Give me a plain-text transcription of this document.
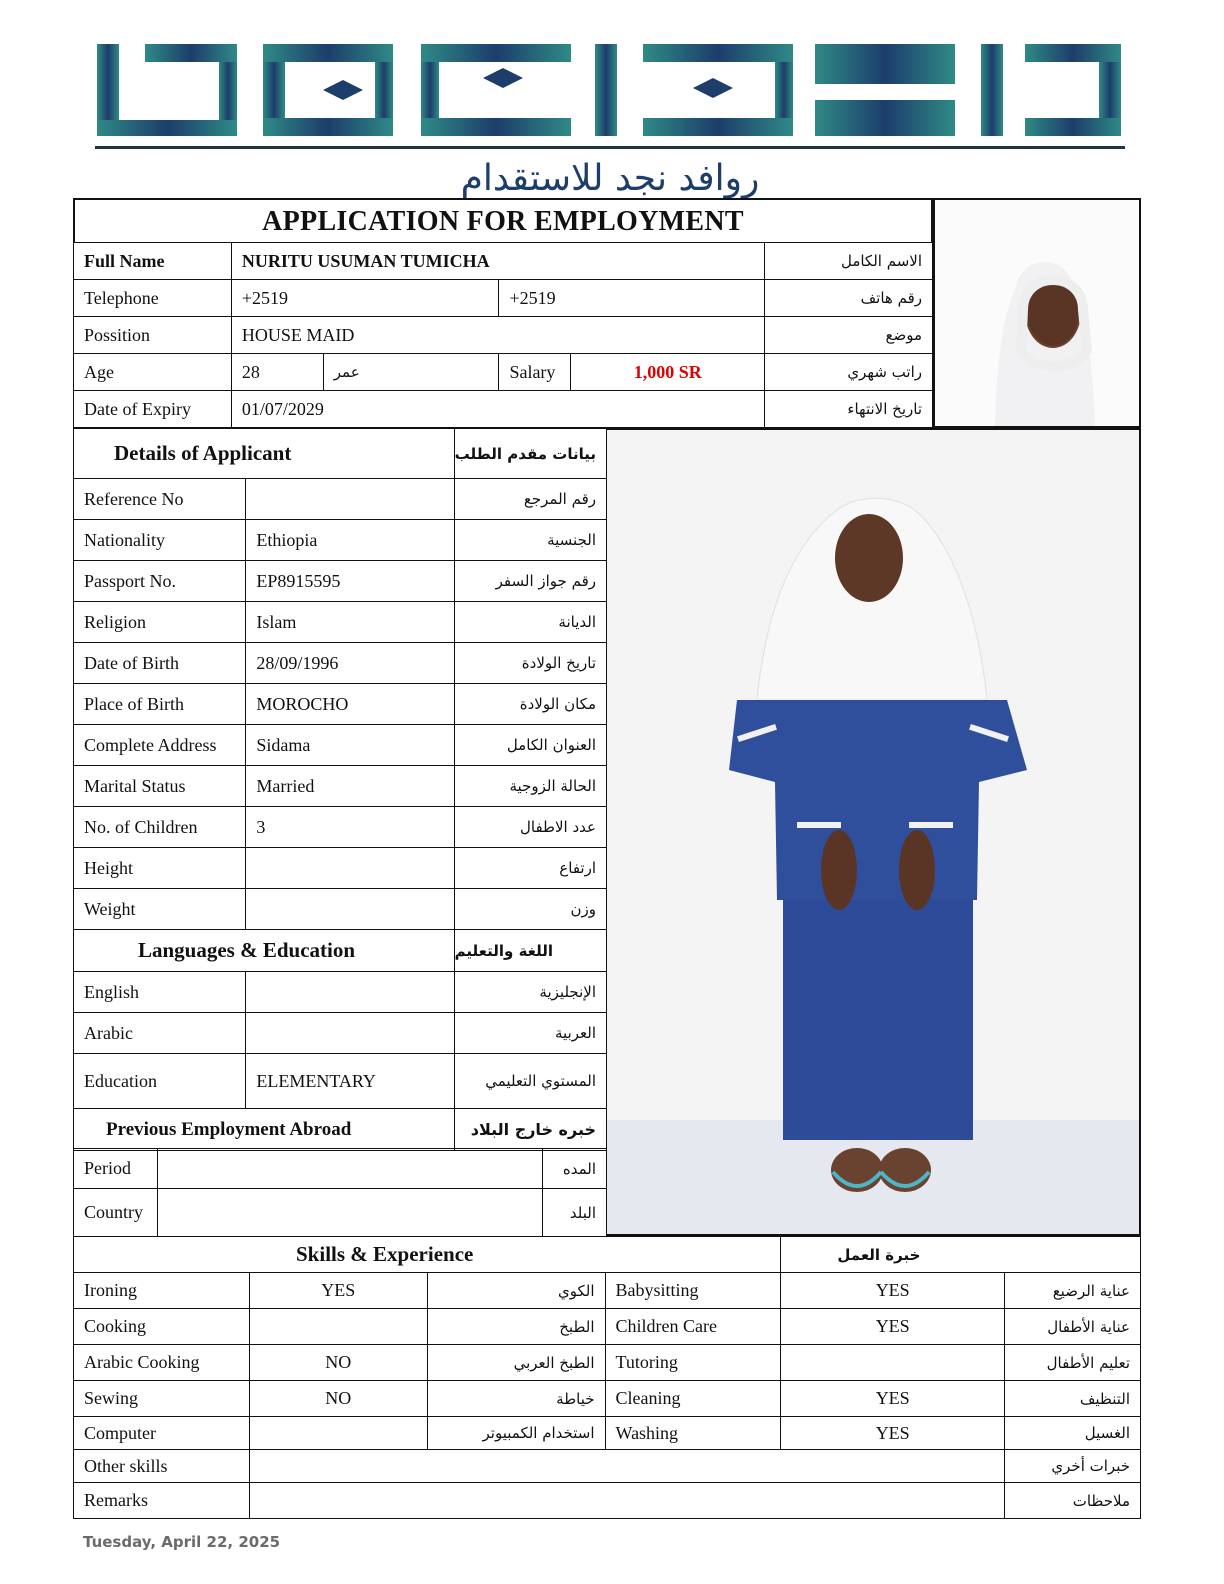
روافد نجد للاستقدام
APPLICATION FOR EMPLOYMENT
Full Name	NURITU USUMAN TUMICHA				الاسم الكامل
Telephone	+2519		+2519		رقم هاتف
Possition	HOUSE MAID				موضع
Age	28	عمر	Salary	1,000 SR	راتب شهري
Date of Expiry	01/07/2029				تاريخ الانتهاء
Details of Applicant		بيانات مقدم الطلب
Reference No		رقم المرجع
Nationality	Ethiopia	الجنسية
Passport No.	EP8915595	رقم جواز السفر
Religion	Islam	الديانة
Date of Birth	28/09/1996	تاريخ الولادة
Place of Birth	MOROCHO	مكان الولادة
Complete Address	Sidama	العنوان الكامل
Marital Status	Married	الحالة الزوجية
No. of Children	3	عدد الاطفال
Height		ارتفاع
Weight		وزن
Languages & Education		اللغة والتعليم
English		الإنجليزية
Arabic		العربية
Education	ELEMENTARY	المستوي التعليمي
Previous Employment Abroad		خبره خارج البلاد
Period		المده
Country		البلد
Skills & Experience				خبرة العمل	
Ironing	YES	الكوي	Babysitting	YES	عناية الرضيع
Cooking		الطبخ	Children Care	YES	عناية الأطفال
Arabic Cooking	NO	الطبخ العربي	Tutoring		تعليم الأطفال
Sewing	NO	خياطة	Cleaning	YES	التنظيف
Computer		استخدام الكمبيوتر	Washing	YES	الغسيل
Other skills					خبرات أخري
Remarks					ملاحظات
Tuesday, April 22, 2025
